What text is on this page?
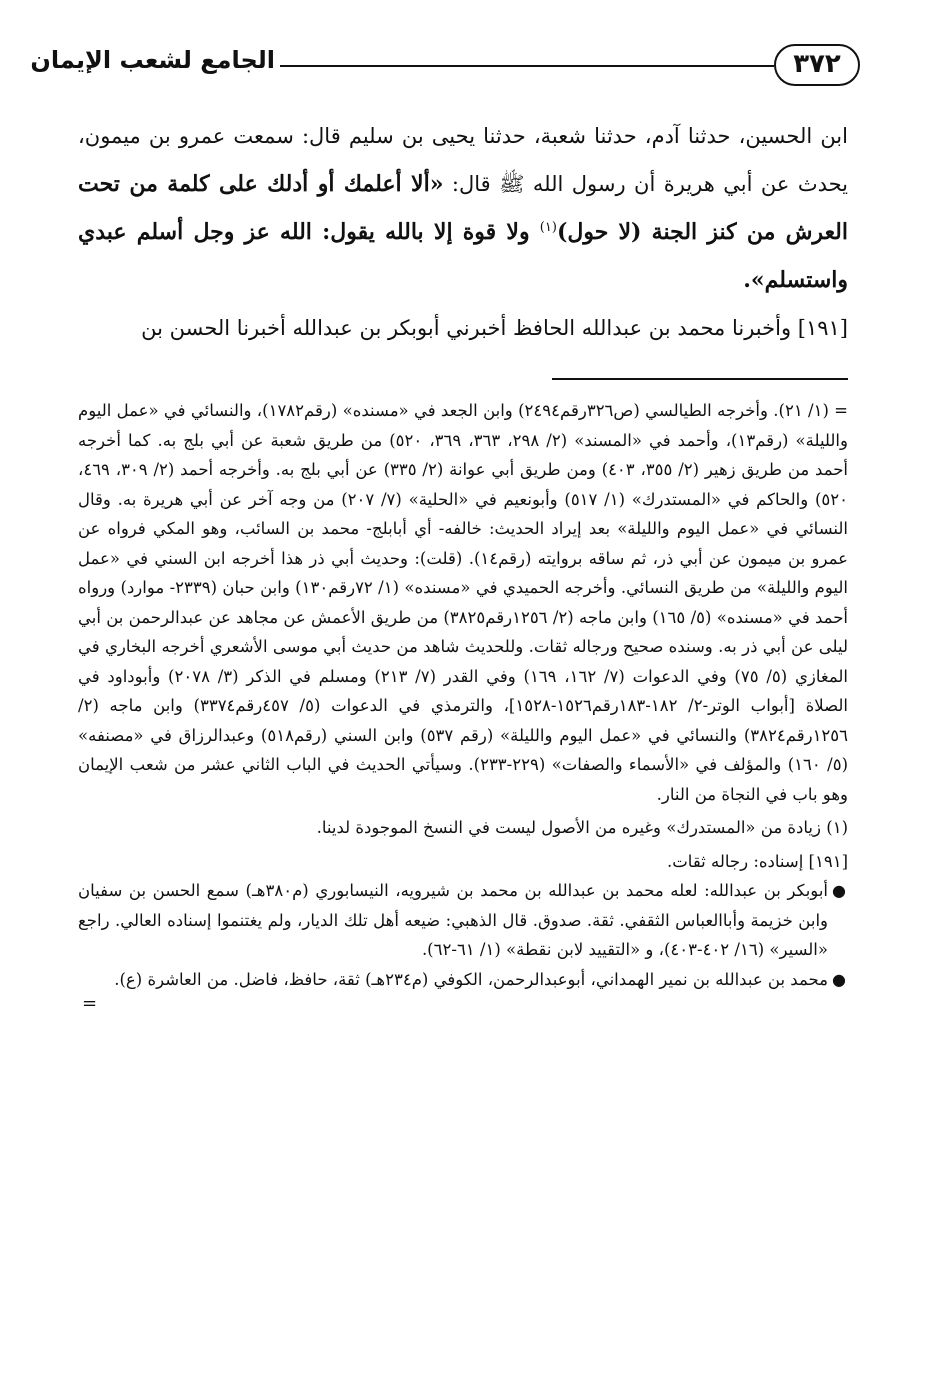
٣٧٢
الجامع لشعب الإيمان

ابن الحسين، حدثنا آدم، حدثنا شعبة، حدثنا يحيى بن سليم قال: سمعت عمرو بن ميمون، يحدث عن أبي هريرة أن رسول الله ﷺ قال: «ألا أعلمك أو أدلك على كلمة من تحت العرش من كنز الجنة (لا حول)$^{(١)}$ ولا قوة إلا بالله يقول: الله عز وجل أسلم عبدي واستسلم».

[١٩١] وأخبرنا محمد بن عبدالله الحافظ أخبرني أبوبكر بن عبدالله أخبرنا الحسن بن

= (١/ ٢١). وأخرجه الطيالسي (ص٣٢٦رقم٢٤٩٤) وابن الجعد في «مسنده» (رقم١٧٨٢)، والنسائي في «عمل اليوم والليلة» (رقم١٣)، وأحمد في «المسند» (٢/ ٢٩٨، ٣٦٣، ٣٦٩، ٥٢٠) من طريق شعبة عن أبي بلج به. كما أخرجه أحمد من طريق زهير (٢/ ٣٥٥، ٤٠٣) ومن طريق أبي عوانة (٢/ ٣٣٥) عن أبي بلج به. وأخرجه أحمد (٢/ ٣٠٩، ٤٦٩، ٥٢٠) والحاكم في «المستدرك» (١/ ٥١٧) وأبونعيم في «الحلية» (٧/ ٢٠٧) من وجه آخر عن أبي هريرة به. وقال النسائي في «عمل اليوم والليلة» بعد إيراد الحديث: خالفه- أي أبابلج- محمد بن السائب، وهو المكي فرواه عن عمرو بن ميمون عن أبي ذر، ثم ساقه بروايته (رقم١٤). (قلت): وحديث أبي ذر هذا أخرجه ابن السني في «عمل اليوم والليلة» من طريق النسائي. وأخرجه الحميدي في «مسنده» (١/ ٧٢رقم١٣٠) وابن حبان (٢٣٣٩- موارد) ورواه أحمد في «مسنده» (٥/ ١٦٥) وابن ماجه (٢/ ١٢٥٦رقم٣٨٢٥) من طريق الأعمش عن مجاهد عن عبدالرحمن بن أبي ليلى عن أبي ذر به. وسنده صحيح ورجاله ثقات. وللحديث شاهد من حديث أبي موسى الأشعري أخرجه البخاري في المغازي (٥/ ٧٥) وفي الدعوات (٧/ ١٦٢، ١٦٩) وفي القدر (٧/ ٢١٣) ومسلم في الذكر (٣/ ٢٠٧٨) وأبوداود في الصلاة [أبواب الوتر-٢/ ١٨٢-١٨٣رقم١٥٢٦-١٥٢٨]، والترمذي في الدعوات (٥/ ٤٥٧رقم٣٣٧٤) وابن ماجه (٢/ ١٢٥٦رقم٣٨٢٤) والنسائي في «عمل اليوم والليلة» (رقم ٥٣٧) وابن السني (رقم٥١٨) وعبدالرزاق في «مصنفه» (٥/ ١٦٠) والمؤلف في «الأسماء والصفات» (٢٢٩-٢٣٣). وسيأتي الحديث في الباب الثاني عشر من شعب الإيمان وهو باب في النجاة من النار.

(١) زيادة من «المستدرك» وغيره من الأصول ليست في النسخ الموجودة لدينا.

[١٩١] إسناده: رجاله ثقات.

●
أبوبكر بن عبدالله: لعله محمد بن عبدالله بن محمد بن شيرويه، النيسابوري (م٣٨٠هـ) سمع الحسن بن سفيان وابن خزيمة وأباالعباس الثقفي. ثقة. صدوق. قال الذهبي: ضيعه أهل تلك الديار، ولم يغتنموا إسناده العالي. راجع «السير» (١٦/ ٤٠٢-٤٠٣)، و «التقييد لابن نقطة» (١/ ٦١-٦٢).

●
محمد بن عبدالله بن نمير الهمداني، أبوعبدالرحمن، الكوفي (م٢٣٤هـ) ثقة، حافظ، فاضل. من العاشرة (ع).

=
